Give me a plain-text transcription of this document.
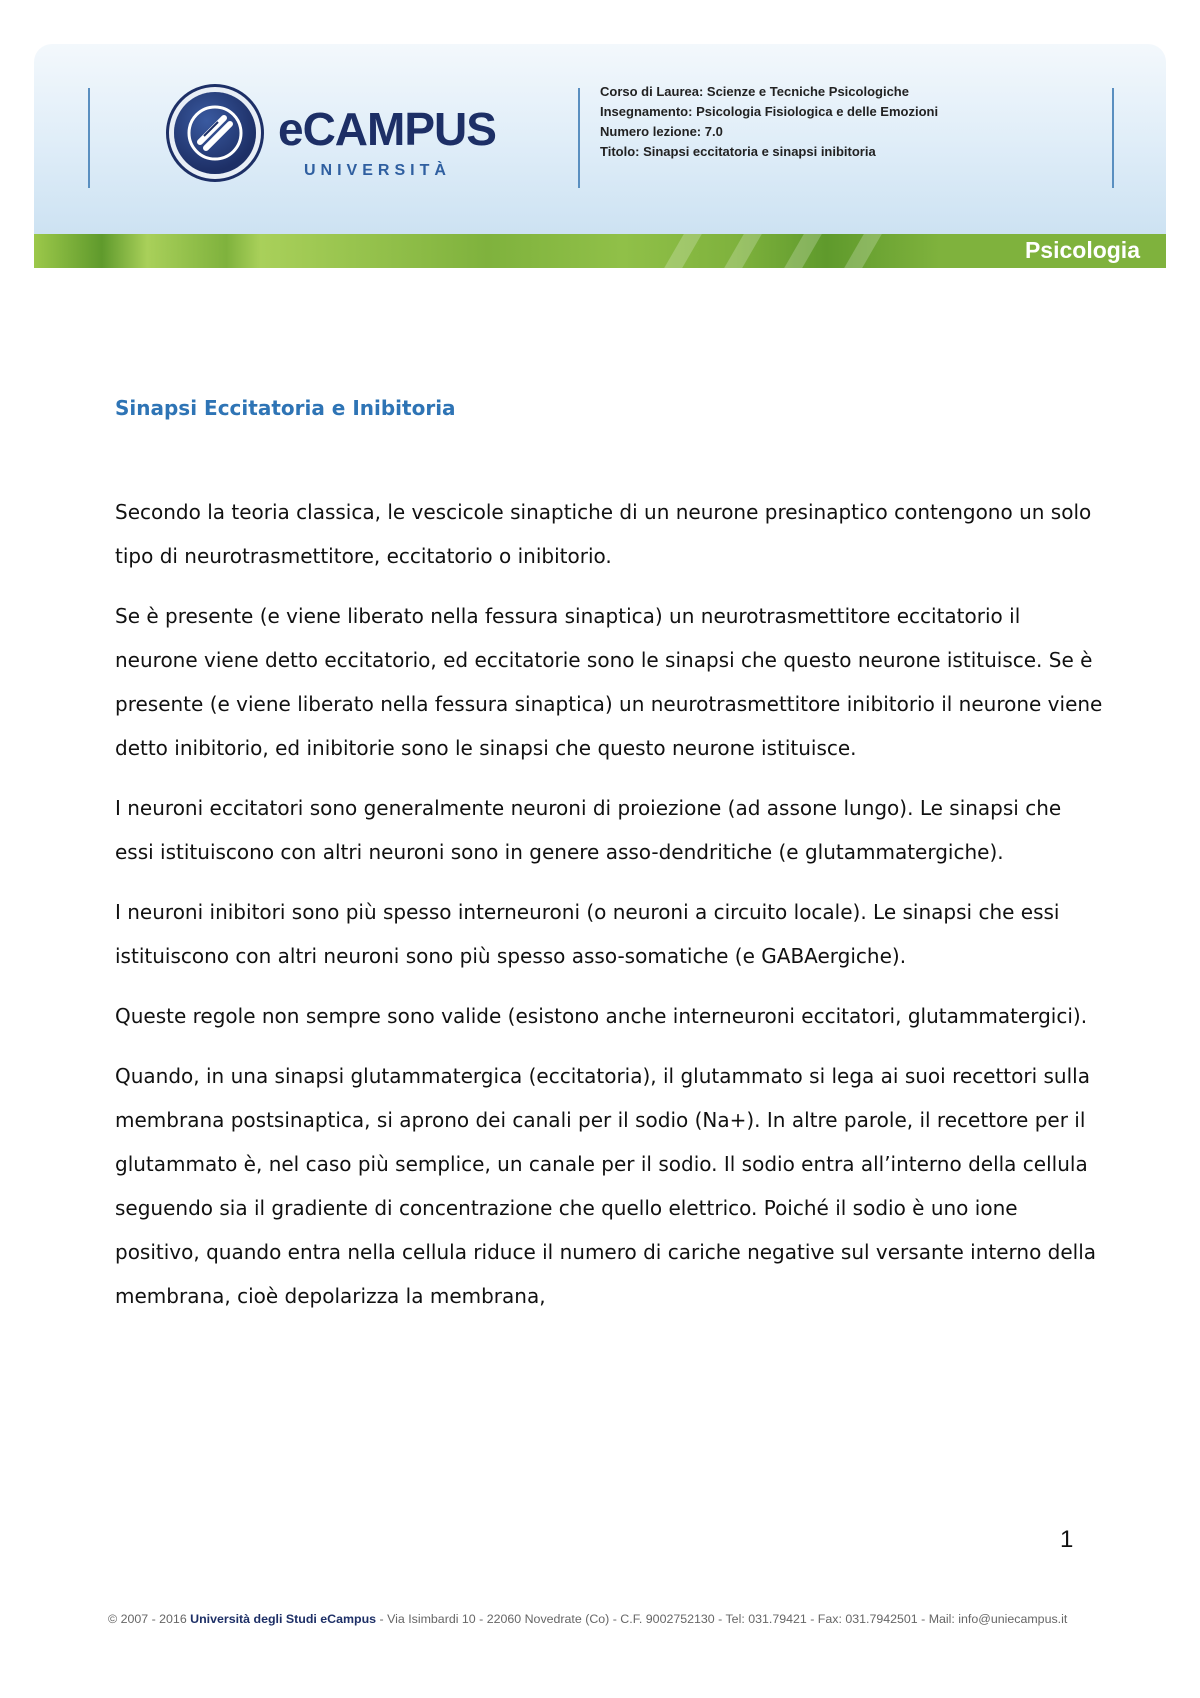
eCAMPUS
UNIVERSITÀ
Corso di Laurea: Scienze e Tecniche Psicologiche
Insegnamento: Psicologia Fisiologica e delle Emozioni
Numero lezione: 7.0
Titolo: Sinapsi eccitatoria e sinapsi inibitoria
Psicologia
Sinapsi Eccitatoria e Inibitoria

Secondo la teoria classica, le vescicole sinaptiche di un neurone presinaptico contengono un solo tipo di neurotrasmettitore, eccitatorio o inibitorio.

Se è presente (e viene liberato nella fessura sinaptica) un neurotrasmettitore eccitatorio il neurone viene detto eccitatorio, ed eccitatorie sono le sinapsi che questo neurone istituisce. Se è presente (e viene liberato nella fessura sinaptica) un neurotrasmettitore inibitorio il neurone viene detto inibitorio, ed inibitorie sono le sinapsi che questo neurone istituisce.

I neuroni eccitatori sono generalmente neuroni di proiezione (ad assone lungo). Le sinapsi che essi istituiscono con altri neuroni sono in genere asso-dendritiche (e glutammatergiche).

I neuroni inibitori sono più spesso interneuroni (o neuroni a circuito locale). Le sinapsi che essi istituiscono con altri neuroni sono più spesso asso-somatiche (e GABAergiche).

Queste regole non sempre sono valide (esistono anche interneuroni eccitatori, glutammatergici).

Quando, in una sinapsi glutammatergica (eccitatoria), il glutammato si lega ai suoi recettori sulla membrana postsinaptica, si aprono dei canali per il sodio (Na+). In altre parole, il recettore per il glutammato è, nel caso più semplice, un canale per il sodio. Il sodio entra all’interno della cellula seguendo sia il gradiente di concentrazione che quello elettrico. Poiché il sodio è uno ione positivo, quando entra nella cellula riduce il numero di cariche negative sul versante interno della membrana, cioè depolarizza la membrana,

1
© 2007 - 2016 Università degli Studi eCampus - Via Isimbardi 10 - 22060 Novedrate (Co) - C.F. 9002752130 - Tel: 031.79421 - Fax: 031.7942501 - Mail: info@uniecampus.it
